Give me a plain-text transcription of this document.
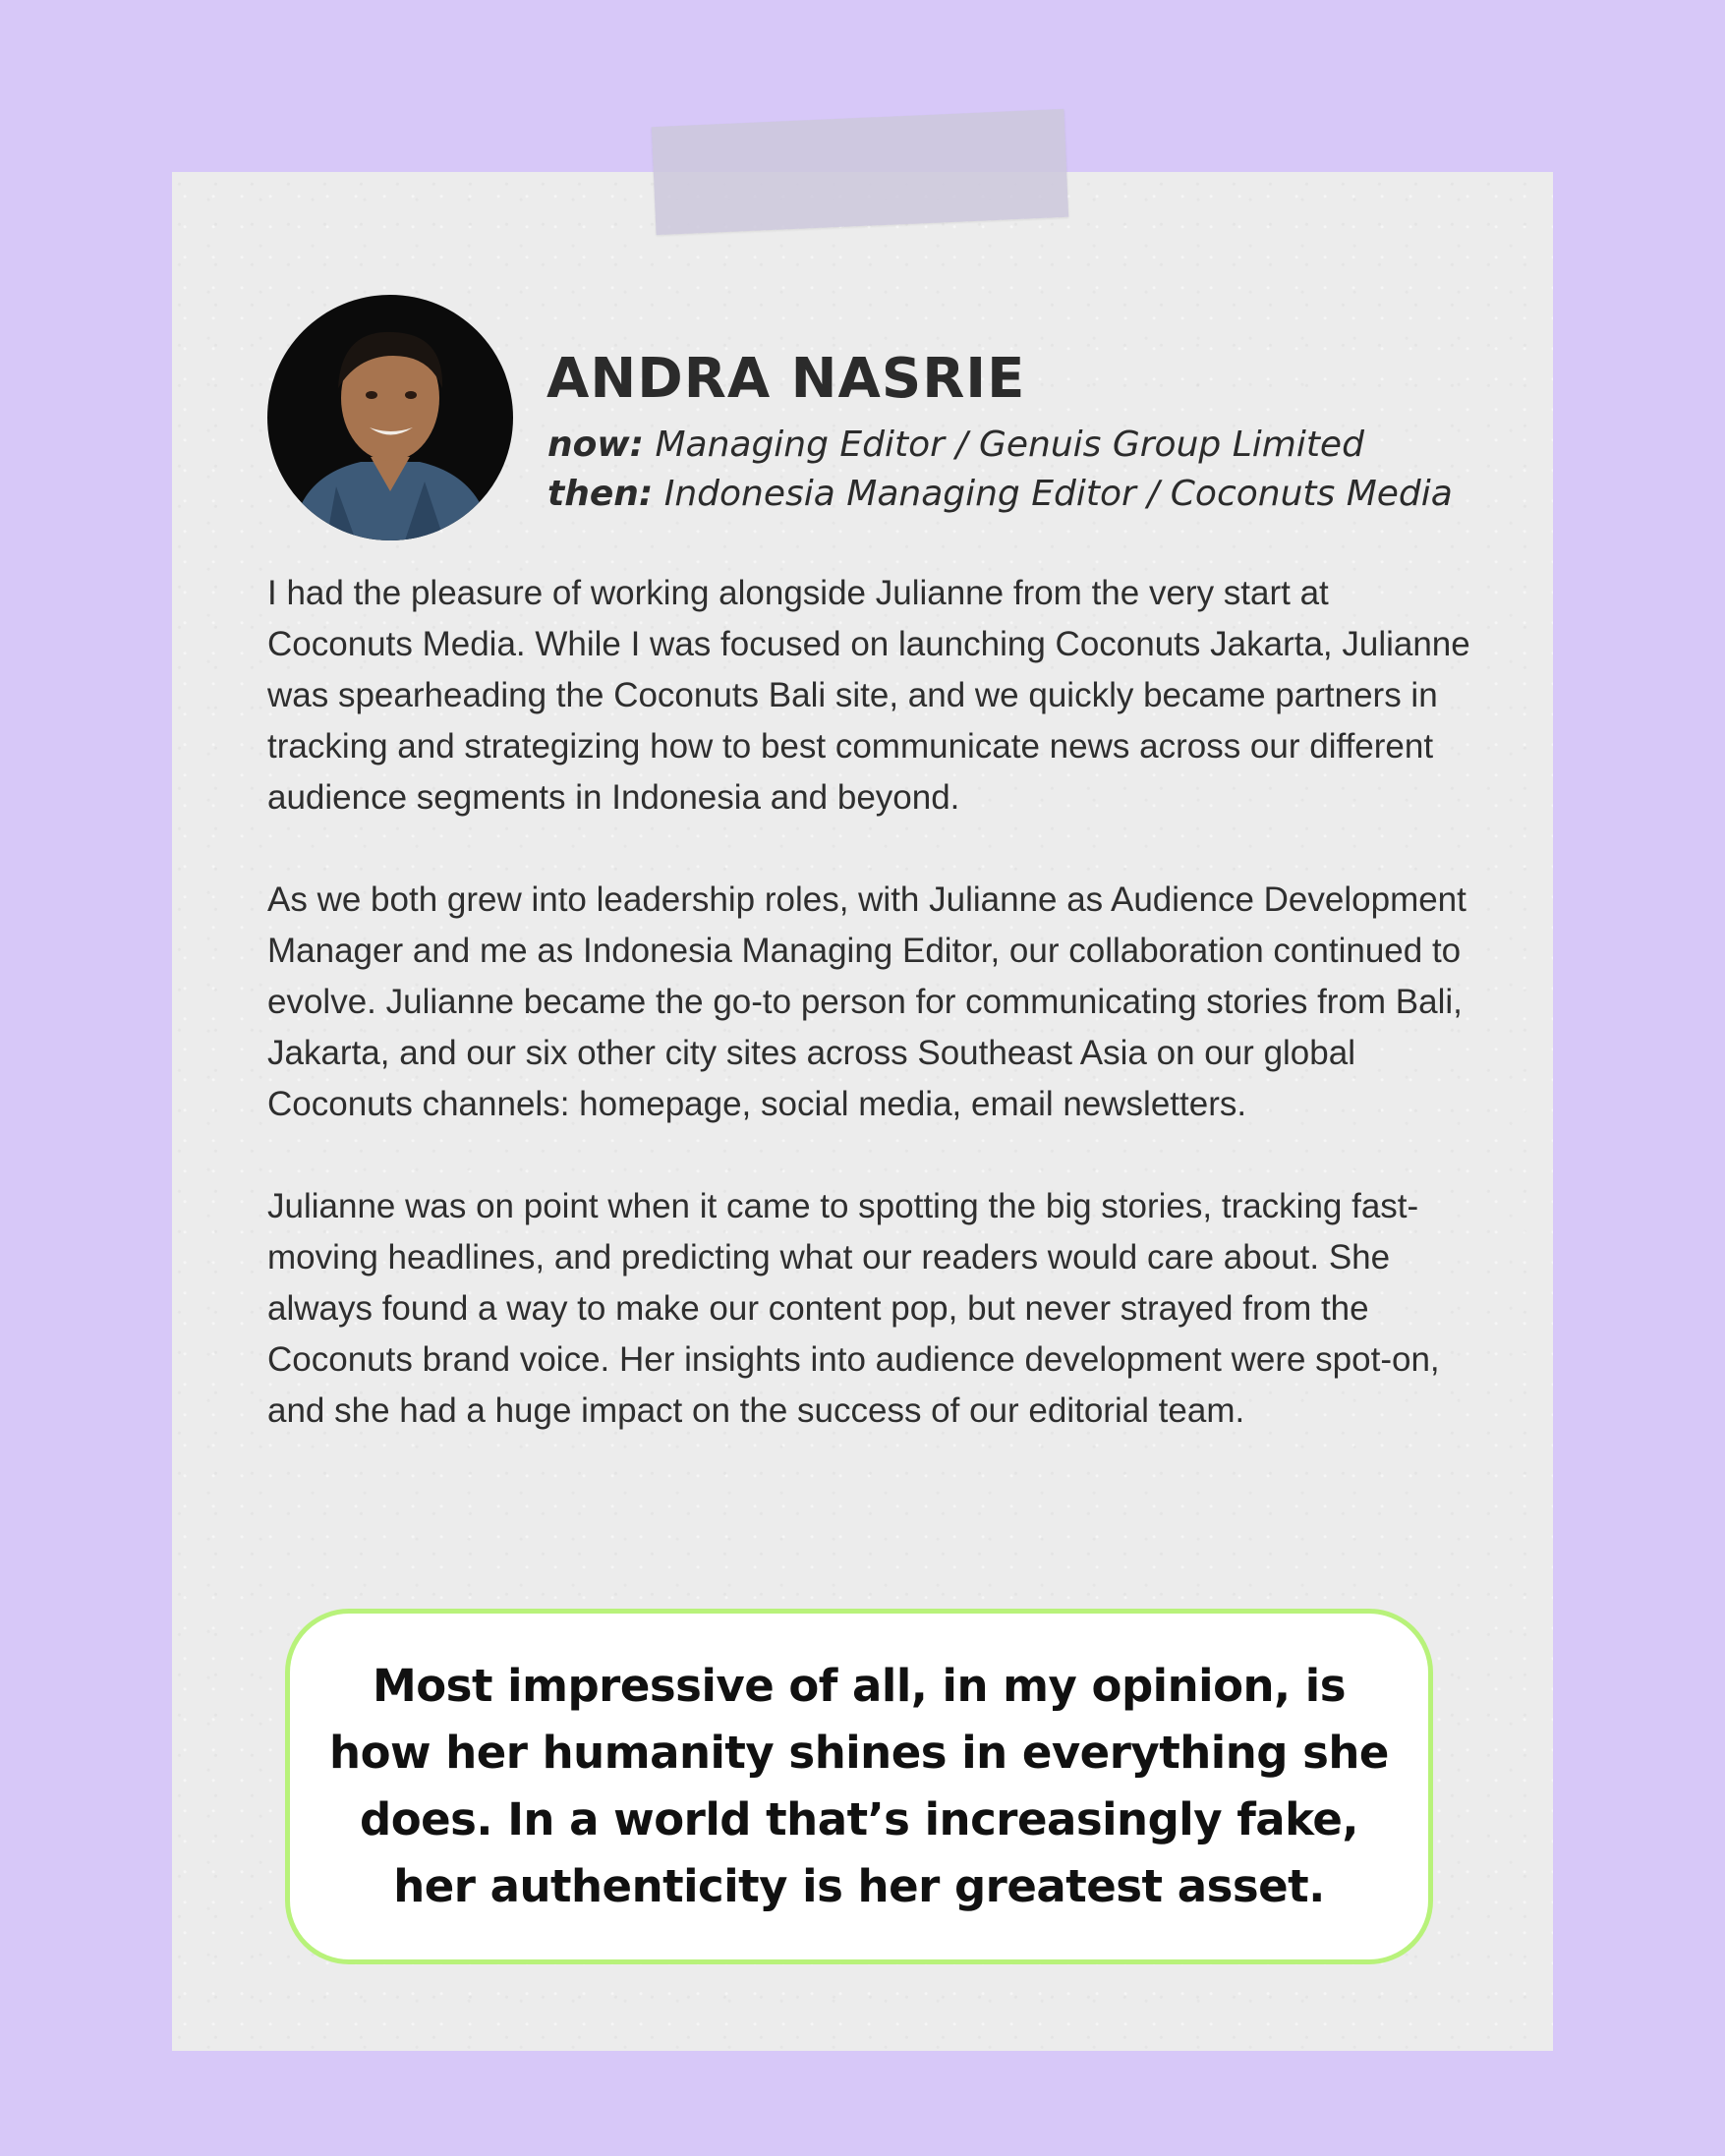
ANDRA NASRIE
now: Managing Editor / Genuis Group Limited
then: Indonesia Managing Editor / Coconuts Media

I had the pleasure of working alongside Julianne from the very start at Coconuts Media. While I was focused on launching Coconuts Jakarta, Julianne was spearheading the Coconuts Bali site, and we quickly became partners in tracking and strategizing how to best communicate news across our different audience segments in Indonesia and beyond.

As we both grew into leadership roles, with Julianne as Audience Development Manager and me as Indonesia Managing Editor, our collaboration continued to evolve. Julianne became the go-to person for communicating stories from Bali, Jakarta, and our six other city sites across Southeast Asia on our global Coconuts channels: homepage, social media, email newsletters.

Julianne was on point when it came to spotting the big stories, tracking fast-moving headlines, and predicting what our readers would care about. She always found a way to make our content pop, but never strayed from the Coconuts brand voice. Her insights into audience development were spot-on, and she had a huge impact on the success of our editorial team.

Most impressive of all, in my opinion, is how her humanity shines in everything she does. In a world that’s increasingly fake, her authenticity is her greatest asset.
